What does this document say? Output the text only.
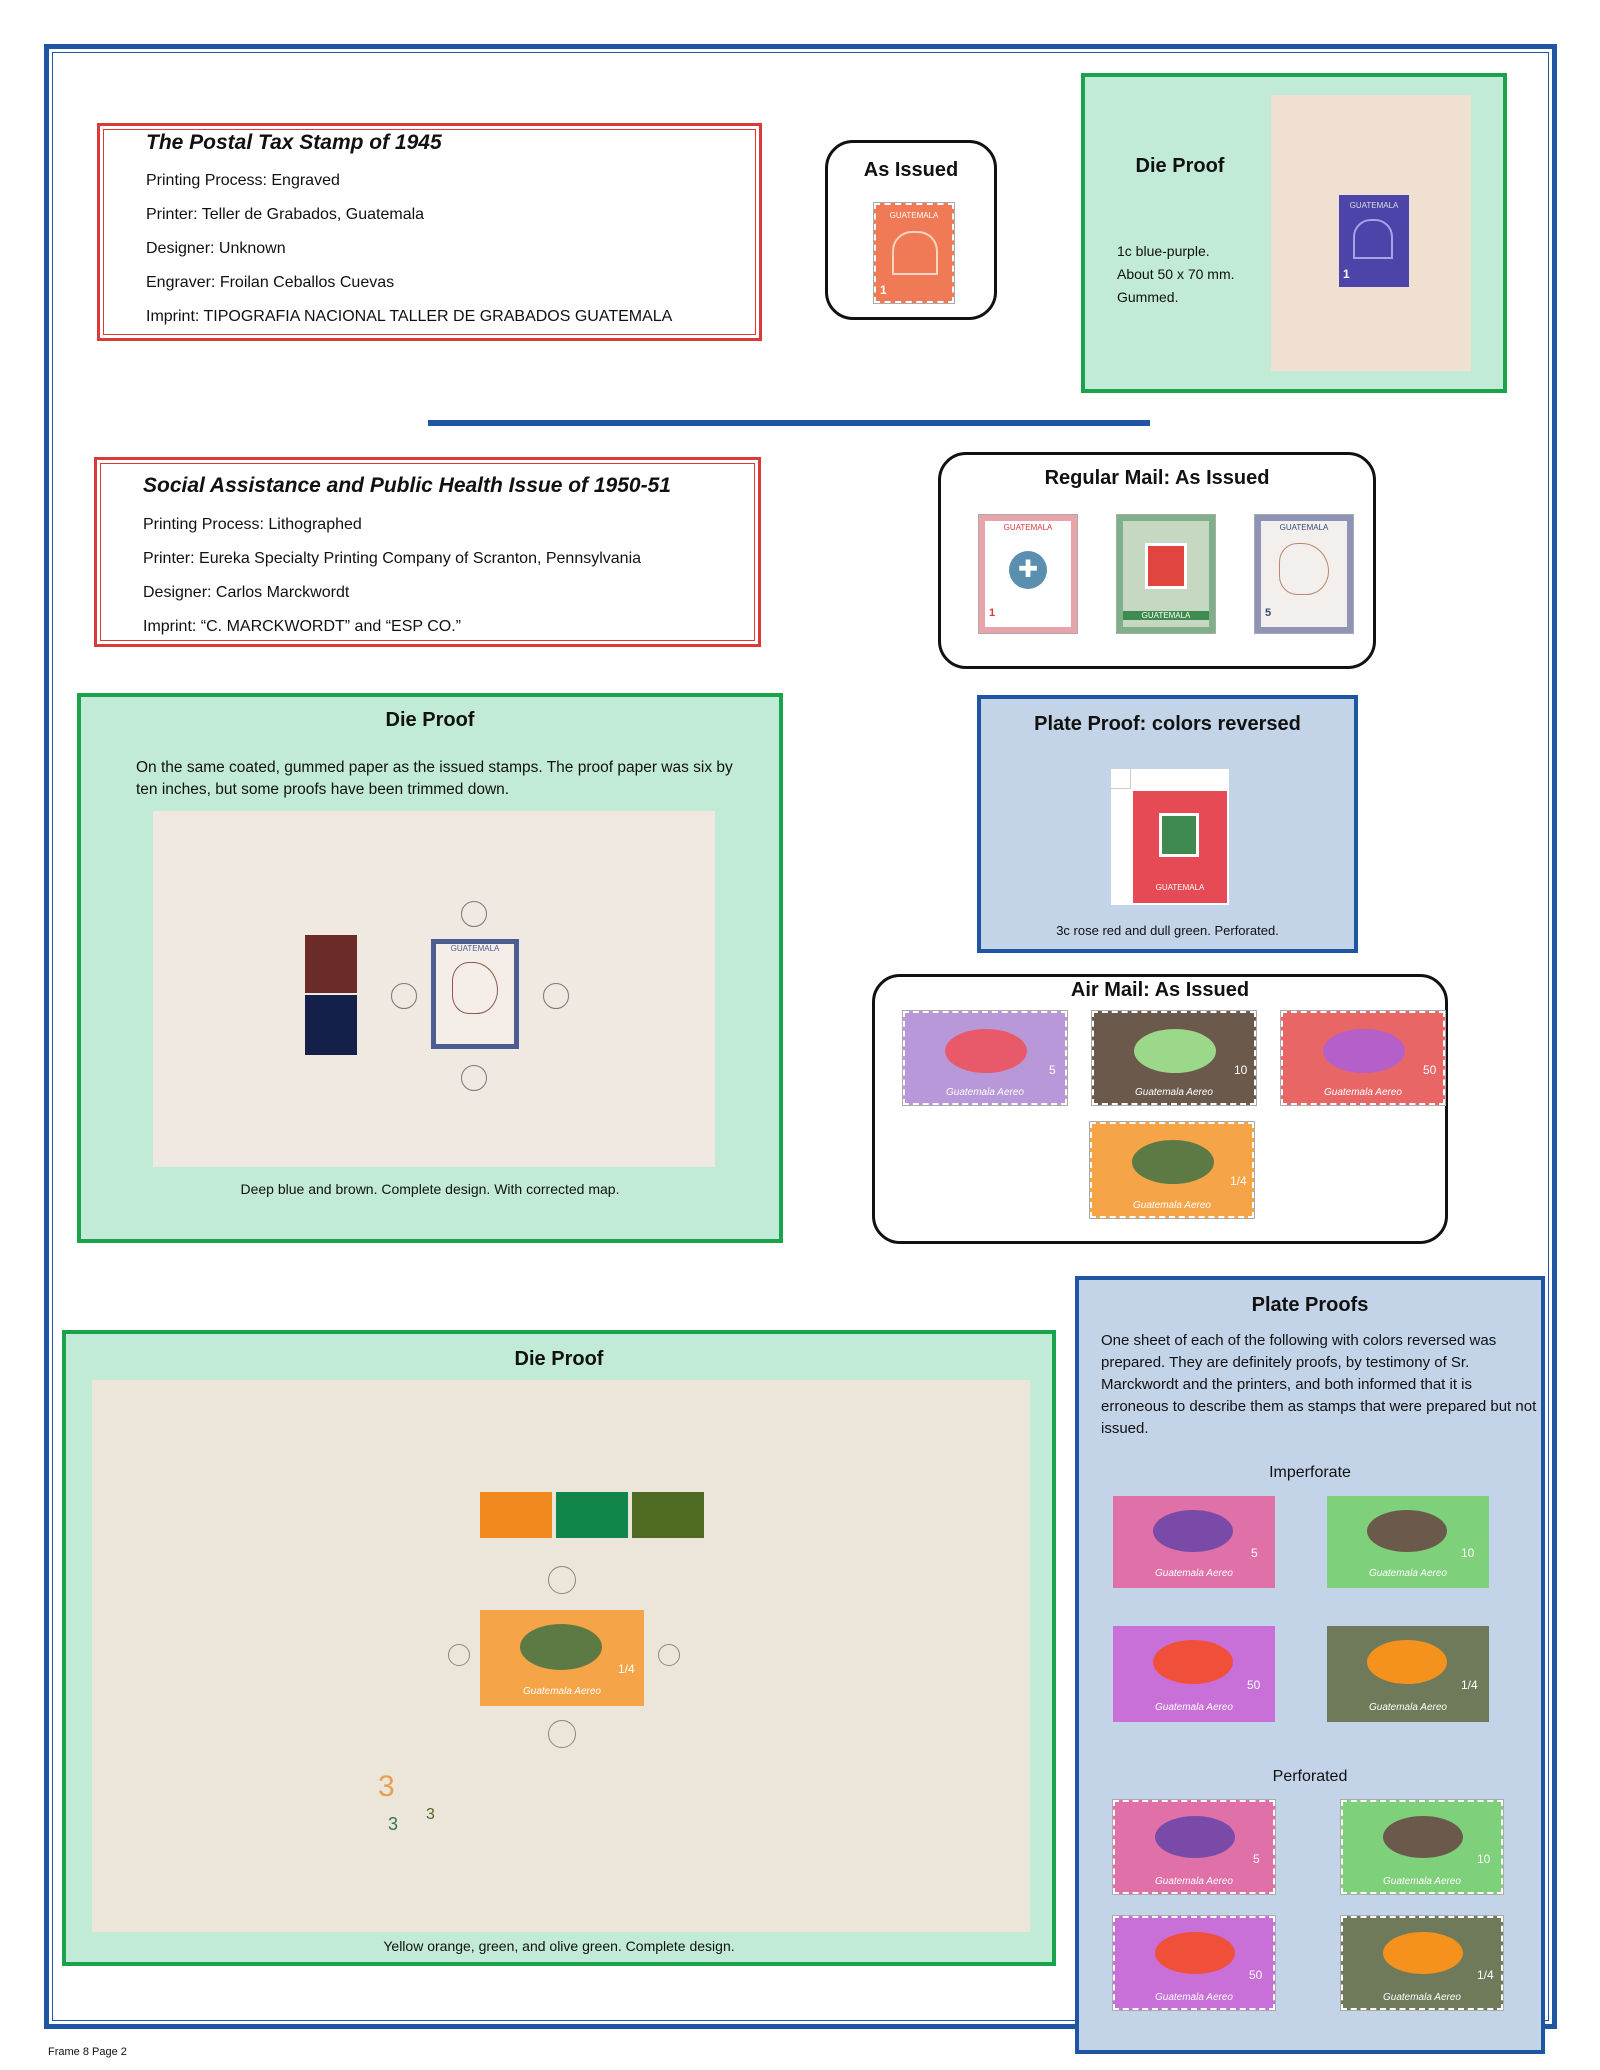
The Postal Tax Stamp of 1945
Printing Process: Engraved
Printer: Teller de Grabados, Guatemala
Designer: Unknown
Engraver: Froilan Ceballos Cuevas
Imprint: TIPOGRAFIA NACIONAL TALLER DE GRABADOS GUATEMALA
As Issued
GUATEMALA
1
Die Proof
1c blue-purple.
About 50 x 70 mm.
Gummed.
GUATEMALA
1
Social Assistance and Public Health Issue of 1950-51
Printing Process: Lithographed
Printer: Eureka Specialty Printing Company of Scranton, Pennsylvania
Designer: Carlos Marckwordt
Imprint: “C. MARCKWORDT” and “ESP CO.”
Regular Mail: As Issued
GUATEMALA
✚
1	GUATEMALA
GUATEMALA
5
Die Proof
On the same coated, gummed paper as the issued stamps. The proof paper was six by ten inches, but some proofs have been trimmed down.
GUATEMALA
Deep blue and brown. Complete design. With corrected map.
Plate Proof: colors reversed
GUATEMALA
3c rose red and dull green. Perforated.
Air Mail: As Issued
5
Guatemala Aereo
10
Guatemala Aereo
50
Guatemala Aereo
1/4
Guatemala Aereo
Die Proof
1/4
Guatemala Aereo
3
3 3
Yellow orange, green, and olive green. Complete design.
Plate Proofs
One sheet of each of the following with colors reversed was prepared. They are definitely proofs, by testimony of Sr. Marckwordt and the printers, and both informed that it is erroneous to describe them as stamps that were prepared but not issued.
Imperforate
5
Guatemala Aereo
10
Guatemala Aereo
50
Guatemala Aereo
1/4
Guatemala Aereo
Perforated
5
Guatemala Aereo
10
Guatemala Aereo
50
Guatemala Aereo
1/4
Guatemala Aereo
Frame 8 Page 2
